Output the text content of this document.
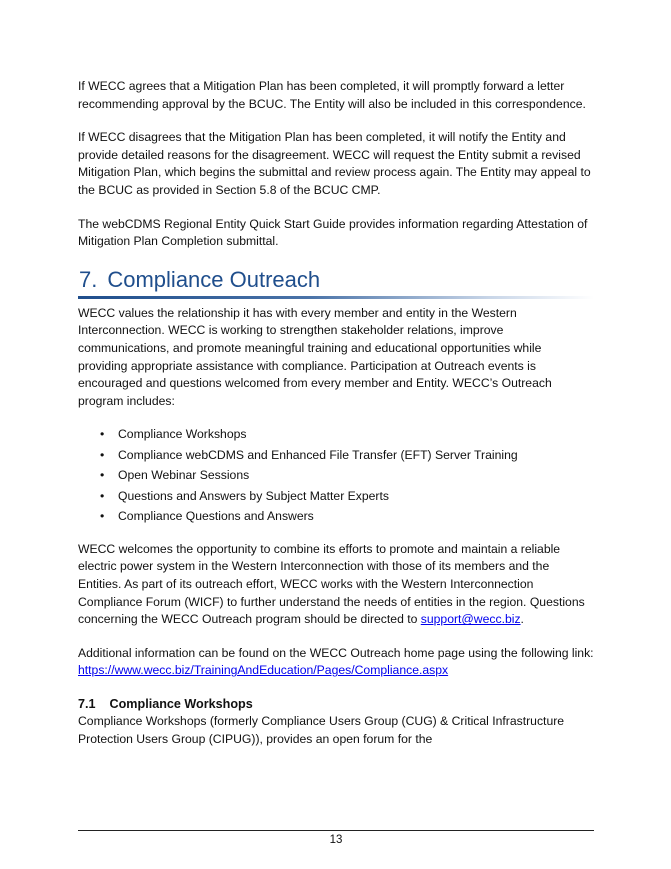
If WECC agrees that a Mitigation Plan has been completed, it will promptly forward a letter recommending approval by the BCUC. The Entity will also be included in this correspondence.

If WECC disagrees that the Mitigation Plan has been completed, it will notify the Entity and provide detailed reasons for the disagreement. WECC will request the Entity submit a revised Mitigation Plan, which begins the submittal and review process again. The Entity may appeal to the BCUC as provided in Section 5.8 of the BCUC CMP.

The webCDMS Regional Entity Quick Start Guide provides information regarding Attestation of Mitigation Plan Completion submittal.

7. Compliance Outreach

WECC values the relationship it has with every member and entity in the Western Interconnection. WECC is working to strengthen stakeholder relations, improve communications, and promote meaningful training and educational opportunities while providing appropriate assistance with compliance. Participation at Outreach events is encouraged and questions welcomed from every member and Entity. WECC’s Outreach program includes:

• Compliance Workshops
• Compliance webCDMS and Enhanced File Transfer (EFT) Server Training
• Open Webinar Sessions
• Questions and Answers by Subject Matter Experts
• Compliance Questions and Answers

WECC welcomes the opportunity to combine its efforts to promote and maintain a reliable electric power system in the Western Interconnection with those of its members and the Entities. As part of its outreach effort, WECC works with the Western Interconnection Compliance Forum (WICF) to further understand the needs of entities in the region. Questions concerning the WECC Outreach program should be directed to support@wecc.biz.

Additional information can be found on the WECC Outreach home page using the following link: https://www.wecc.biz/TrainingAndEducation/Pages/Compliance.aspx

7.1 Compliance Workshops

Compliance Workshops (formerly Compliance Users Group (CUG) & Critical Infrastructure Protection Users Group (CIPUG)), provides an open forum for the

13
